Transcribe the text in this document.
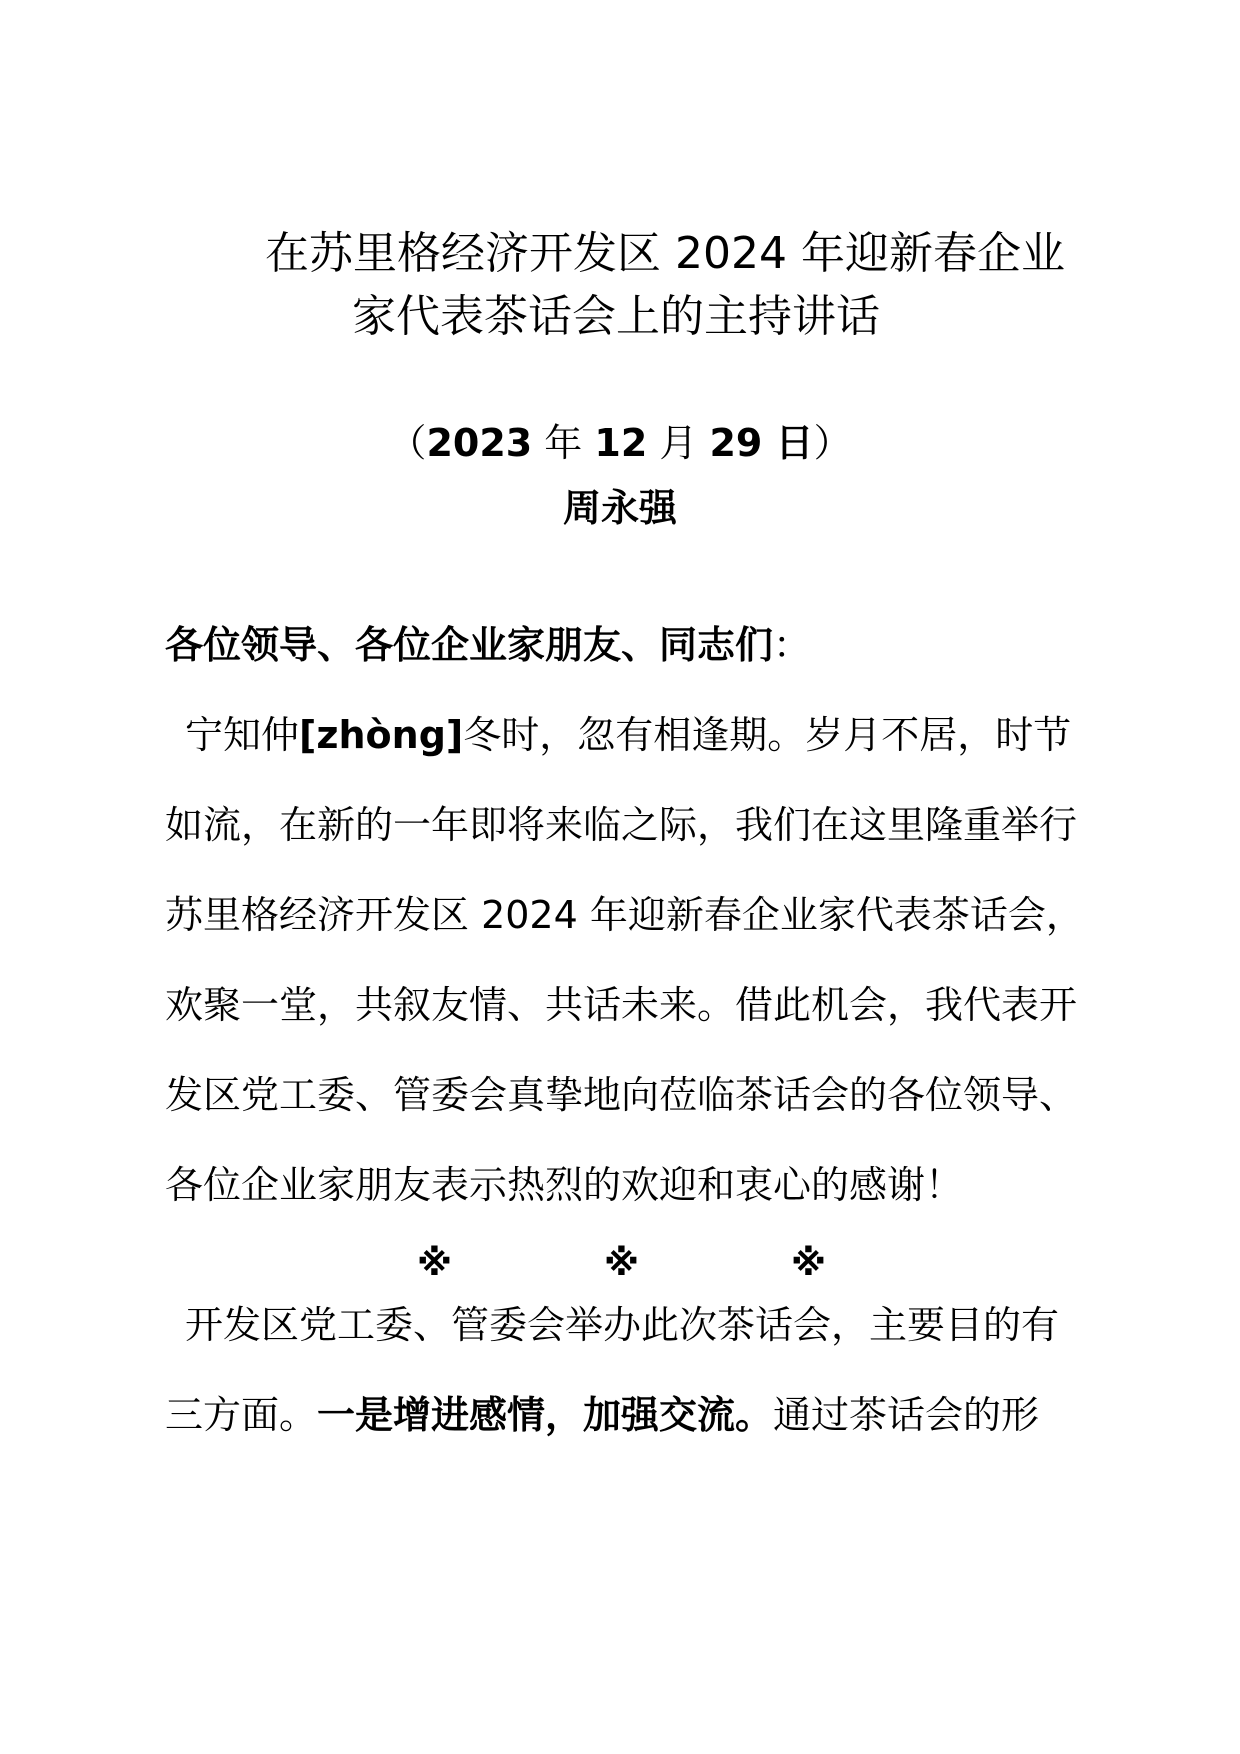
在苏里格经济开发区 2024 年迎新春企业
家代表茶话会上的主持讲话
（2023 年 12 月 29 日）
周永强
各位领导、各位企业家朋友、同志们：
宁知仲[zhòng]冬时，忽有相逢期。岁月不居，时节
如流，在新的一年即将来临之际，我们在这里隆重举行
苏里格经济开发区 2024 年迎新春企业家代表茶话会，
欢聚一堂，共叙友情、共话未来。借此机会，我代表开
发区党工委、管委会真挚地向莅临茶话会的各位领导、
各位企业家朋友表示热烈的欢迎和衷心的感谢！
※	※	※
开发区党工委、管委会举办此次茶话会，主要目的有
三方面。一是增进感情，加强交流。通过茶话会的形
